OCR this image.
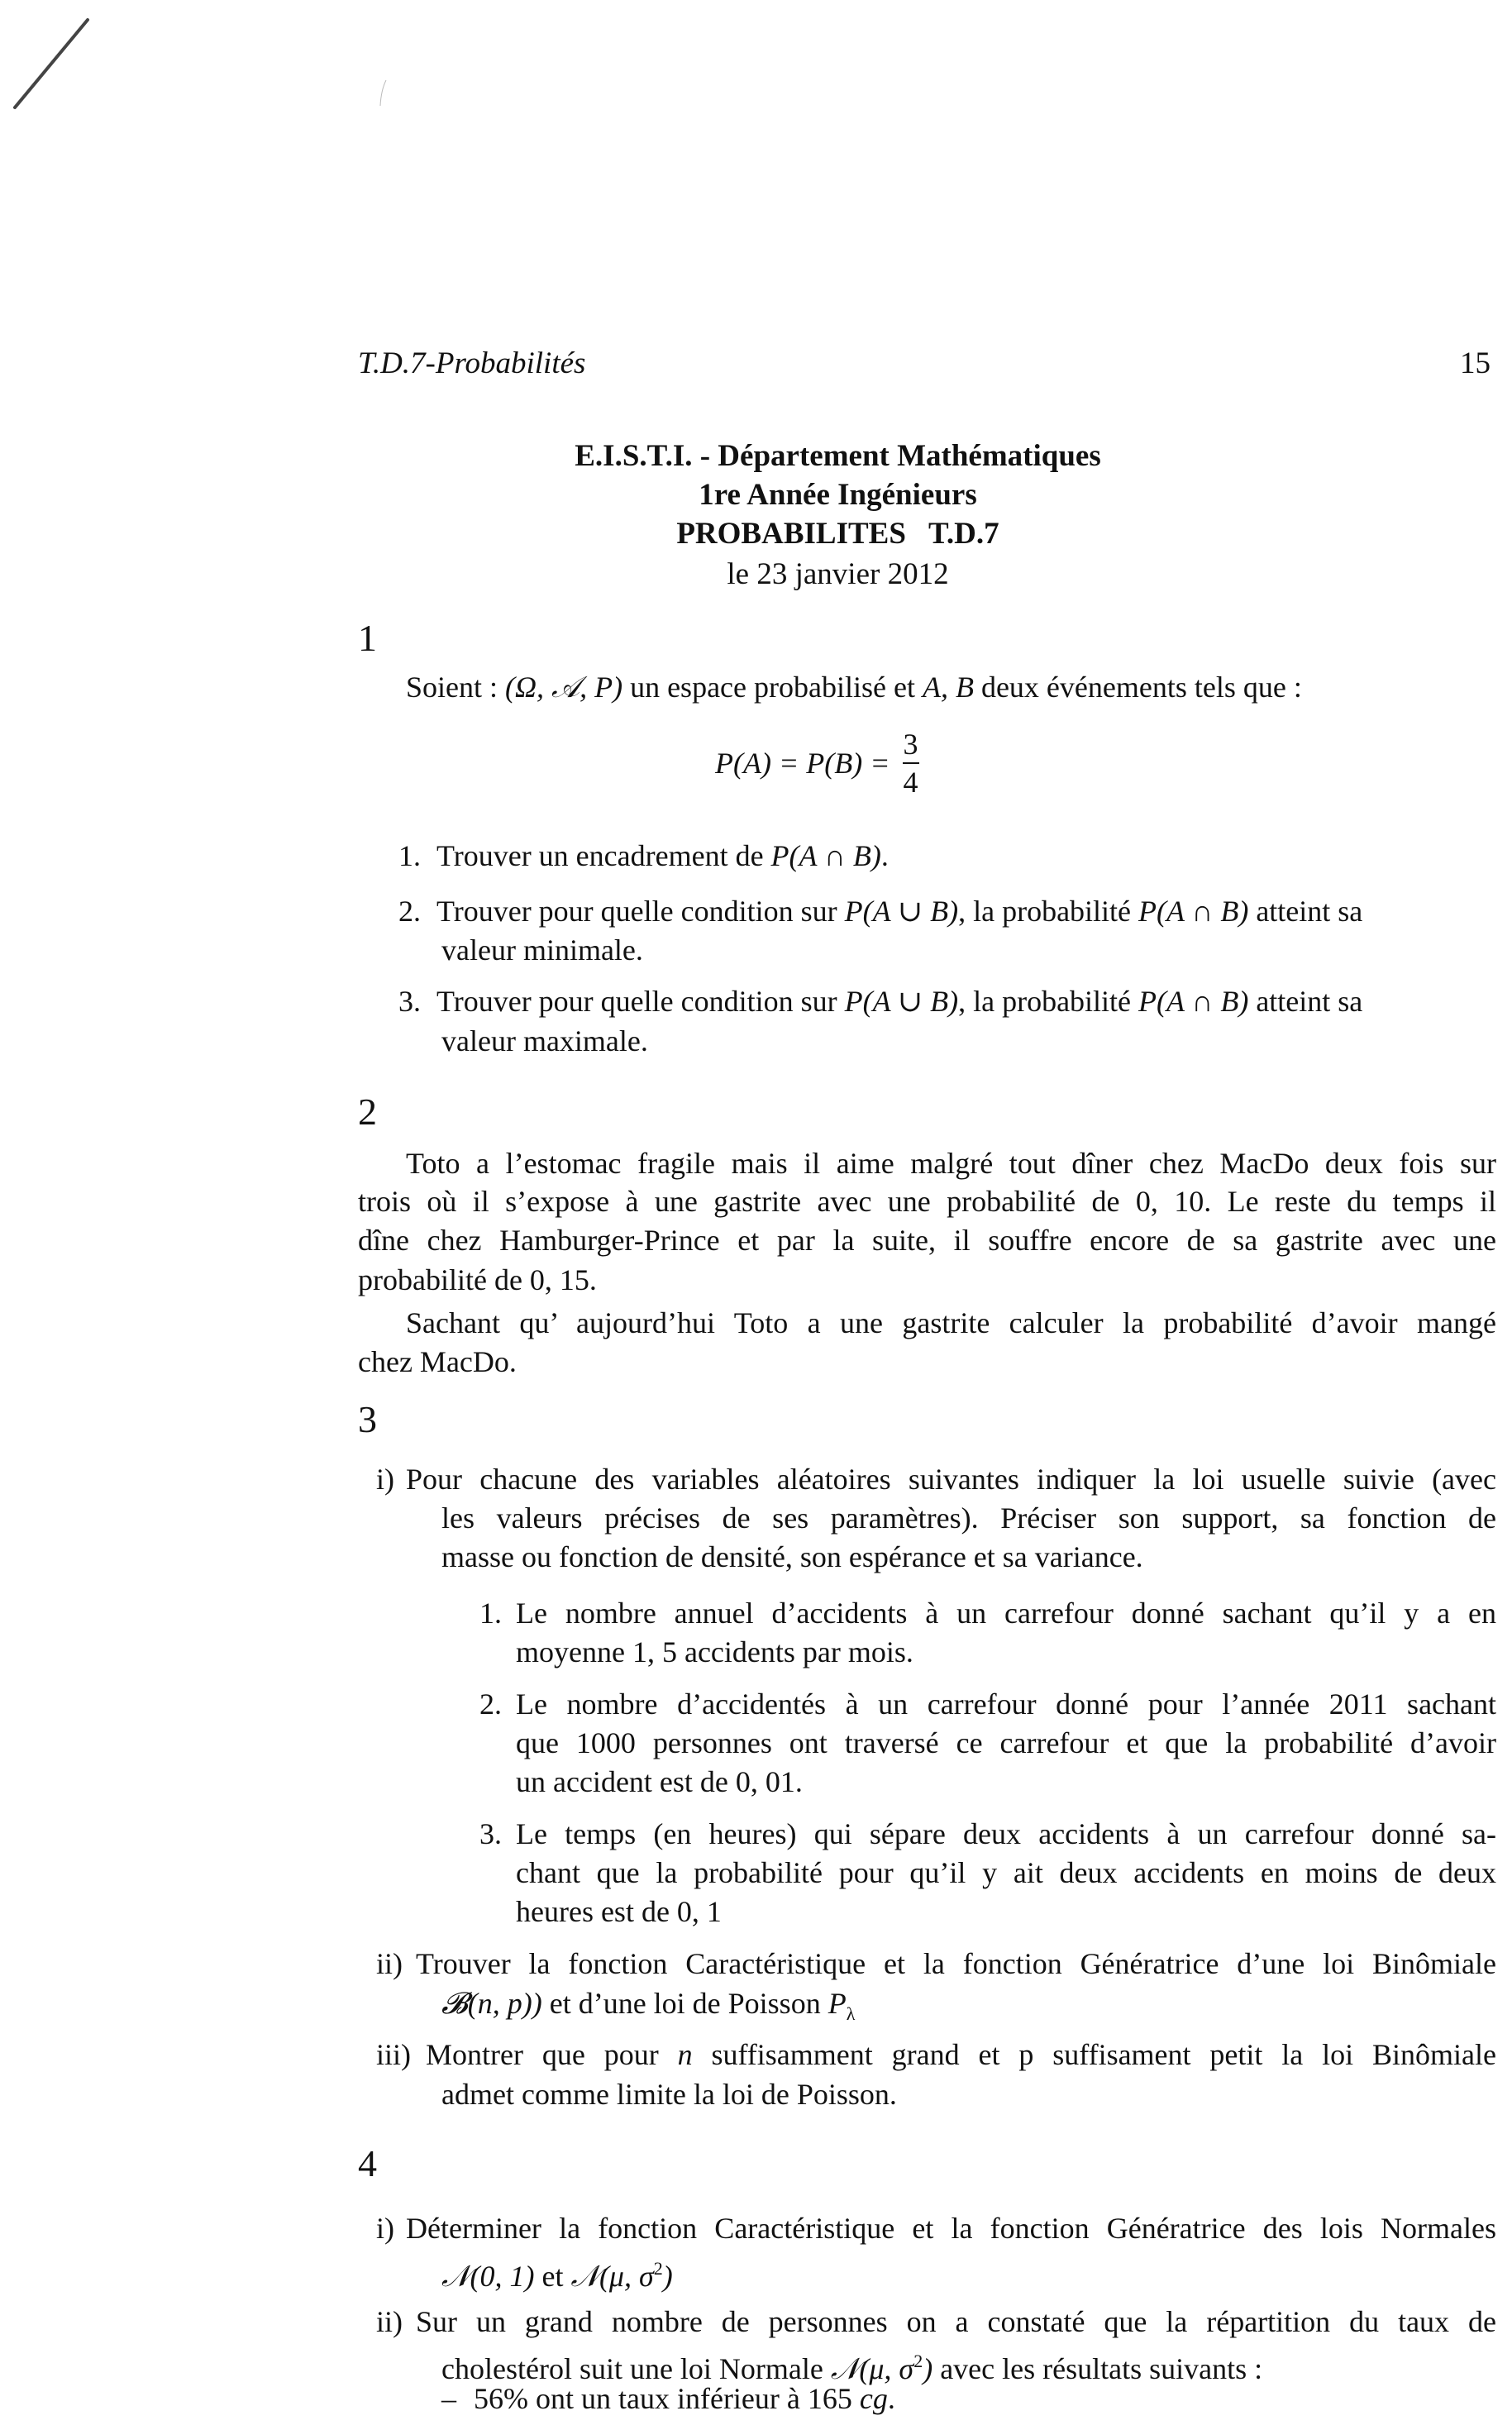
T.D.7-Probabilités	15
E.I.S.T.I. - Département Mathématiques
1re Année Ingénieurs
PROBABILITES   T.D.7
le 23 janvier 2012
1
Soient : (Ω, 𝒜, P) un espace probabilisé et A, B deux événements tels que :
$P(A) = P(B) = \frac{3}{4}$
1. Trouver un encadrement de P(A ∩ B).
2. Trouver pour quelle condition sur P(A ∪ B), la probabilité P(A ∩ B) atteint sa
valeur minimale.
3. Trouver pour quelle condition sur P(A ∪ B), la probabilité P(A ∩ B) atteint sa
valeur maximale.
2
Toto a l’estomac fragile mais il aime malgré tout dîner chez MacDo deux fois sur
trois où il s’expose à une gastrite avec une probabilité de 0, 10. Le reste du temps il
dîne chez Hamburger-Prince et par la suite, il souffre encore de sa gastrite avec une
probabilité de 0, 15.
Sachant qu’ aujourd’hui Toto a une gastrite calculer la probabilité d’avoir mangé
chez MacDo.
3
i) Pour chacune des variables aléatoires suivantes indiquer la loi usuelle suivie (avec
les valeurs précises de ses paramètres). Préciser son support, sa fonction de
masse ou fonction de densité, son espérance et sa variance.
1. Le nombre annuel d’accidents à un carrefour donné sachant qu’il y a en
moyenne 1, 5 accidents par mois.
2. Le nombre d’accidentés à un carrefour donné pour l’année 2011 sachant
que 1000 personnes ont traversé ce carrefour et que la probabilité d’avoir
un accident est de 0, 01.
3. Le temps (en heures) qui sépare deux accidents à un carrefour donné sa-
chant que la probabilité pour qu’il y ait deux accidents en moins de deux
heures est de 0, 1
ii) Trouver la fonction Caractéristique et la fonction Génératrice d’une loi Binômiale
𝓑(n, p)) et d’une loi de Poisson $P_\lambda$
iii) Montrer que pour n suffisamment grand et p suffisament petit la loi Binômiale
admet comme limite la loi de Poisson.
4
i) Déterminer la fonction Caractéristique et la fonction Génératrice des lois Normales
𝒩(0, 1) et 𝒩(μ, $\sigma^2$)
ii) Sur un grand nombre de personnes on a constaté que la répartition du taux de
cholestérol suit une loi Normale 𝒩(μ, $\sigma^2$) avec les résultats suivants :
– 56% ont un taux inférieur à 165 cg.
